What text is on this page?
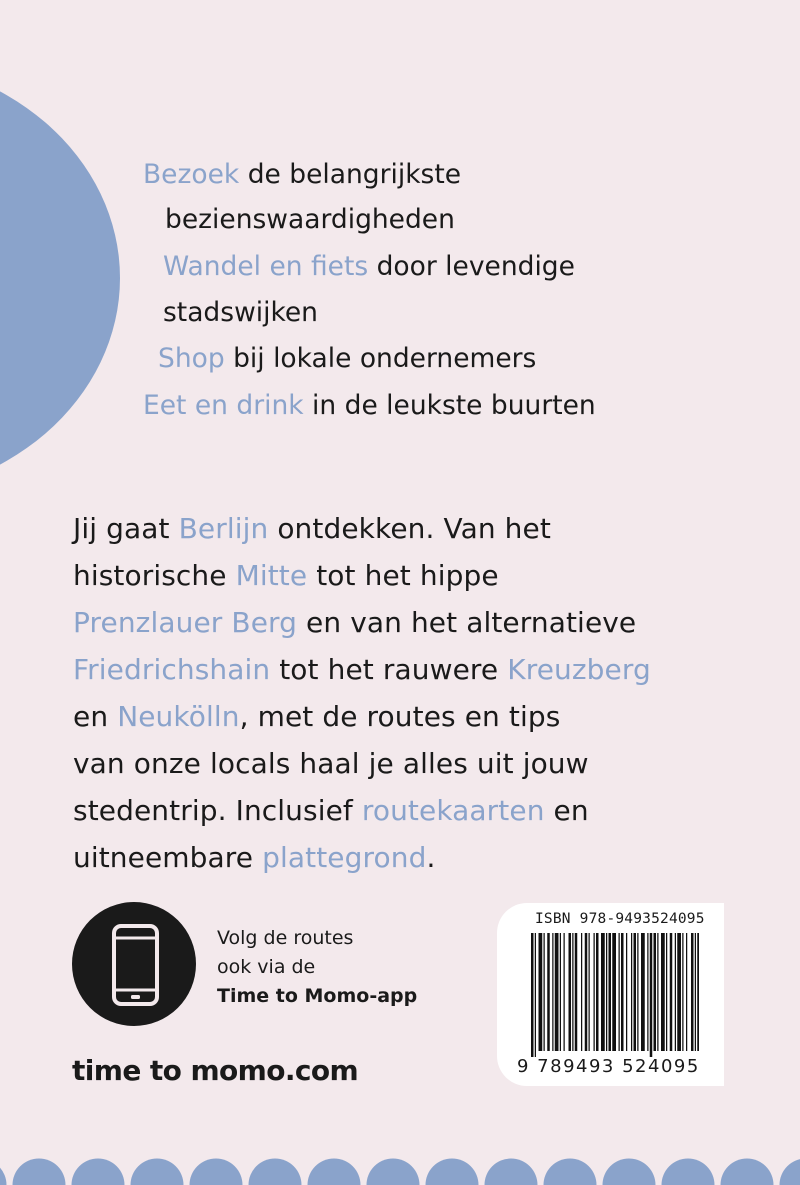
Bezoek de belangrijkste
bezienswaardigheden
Wandel en fiets door levendige
stadswijken
Shop bij lokale ondernemers
Eet en drink in de leukste buurten
Jij gaat Berlijn ontdekken. Van het
historische Mitte tot het hippe
Prenzlauer Berg en van het alternatieve
Friedrichshain tot het rauwere Kreuzberg
en Neukölln, met de routes en tips
van onze locals haal je alles uit jouw
stedentrip. Inclusief routekaarten en
uitneembare plattegrond.
Volg de routes
ook via de
Time to Momo-app
time to momo.com
ISBN 978-9493524095
9 789493 524095
